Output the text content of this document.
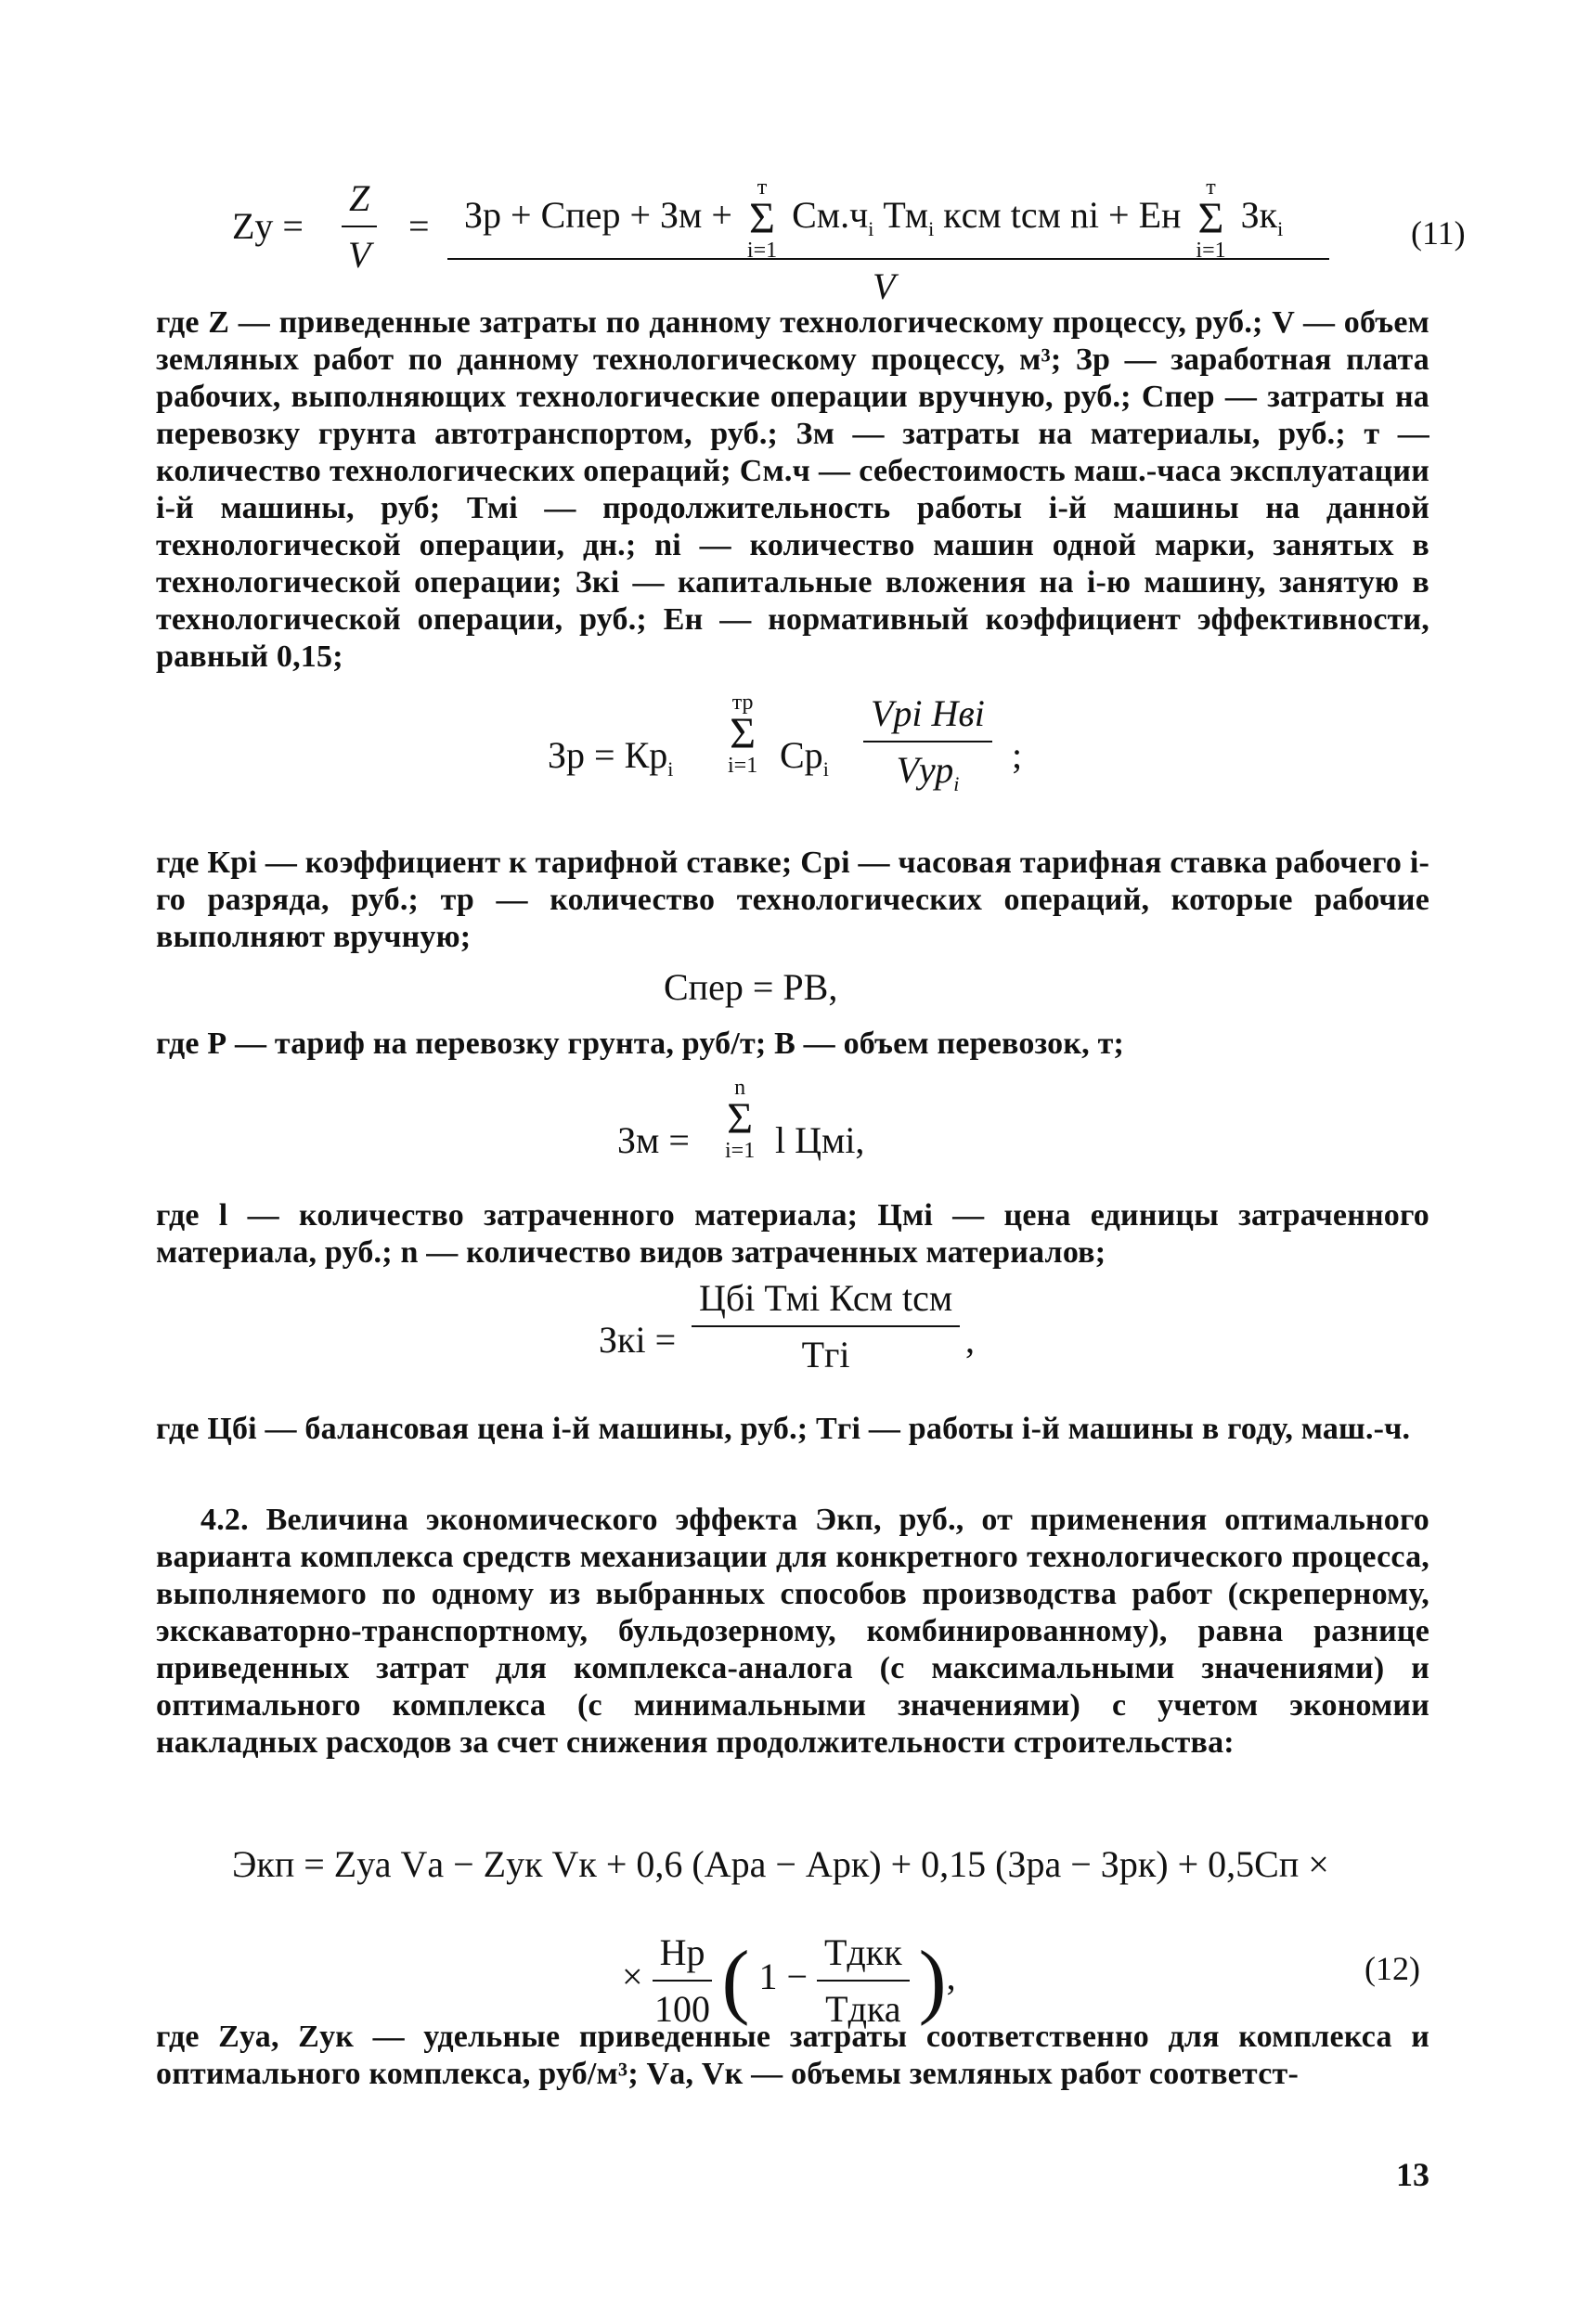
Zу = $\frac{Z}{V}$ = Зр + Спер + Зм +
т
Σ
i=1
$См.ч_i$ $Тм_i$ кcм tcм ni + Eн
т
Σ
i=1
$Зк_i$
V
(11)

где Z — приведенные затраты по данному технологическому процессу, руб.; V — объем земляных работ по данному технологическому процессу, м³; Зр — заработная плата рабочих, выполняющих технологические операции вручную, руб.; Спер — затраты на перевозку грунта автотранспортом, руб.; Зм — затраты на материалы, руб.; т — количество технологических операций; См.ч — себестоимость маш.-часа эксплуатации i-й машины, руб; Тмi — продолжительность работы i-й машины на данной технологической операции, дн.; ni — количество машин одной марки, занятых в технологической операции; Зкi — капитальные вложения на i-ю машину, занятую в технологической операции, руб.; Ен — нормативный коэффициент эффективности, равный 0,15;

Зр = $Кр_i$
тр
Σ
i=1 $Ср_i$
Vрi Нвi
Vур$_i$
;

где Крi — коэффициент к тарифной ставке; Срi — часовая тарифная ставка рабочего i-го разряда, руб.; тр — количество технологических операций, которые рабочие выполняют вручную;

Спер = РВ,

где Р — тариф на перевозку грунта, руб/т; В — объем перевозок, т;

Зм =
n
Σ
i=1 l Цмi,

где l — количество затраченного материала; Цмi — цена единицы затраченного материала, руб.; n — количество видов затраченных материалов;

Зкi =
Цбi Тмi Ксм tсм
Тгi	,

где Цбi — балансовая цена i-й машины, руб.; Тгi — работы i-й машины в году, маш.-ч.

4.2. Величина экономического эффекта Экп, руб., от применения оптимального варианта комплекса средств механизации для конкретного технологического процесса, выполняемого по одному из выбранных способов производства работ (скреперному, экскаваторно-транспортному, бульдозерному, комбинированному), равна разнице приведенных затрат для комплекса-аналога (с максимальными значениями) и оптимального комплекса (с минимальными значениями) с учетом экономии накладных расходов за счет снижения продолжительности строительства:

Экп = Zуа Vа − Zук Vк + 0,6 (Ара − Арк) + 0,15 (Зра − Зрк) + 0,5Сп ×
× $\frac{Нр}{100}$ ( $1 - \frac{\text{Тдкк}}{\text{Тдка}}$ ),	(12)

где Zуа, Zук — удельные приведенные затраты соответственно для комплекса и оптимального комплекса, руб/м³; Vа, Vк — объемы земляных работ соответст-

13
